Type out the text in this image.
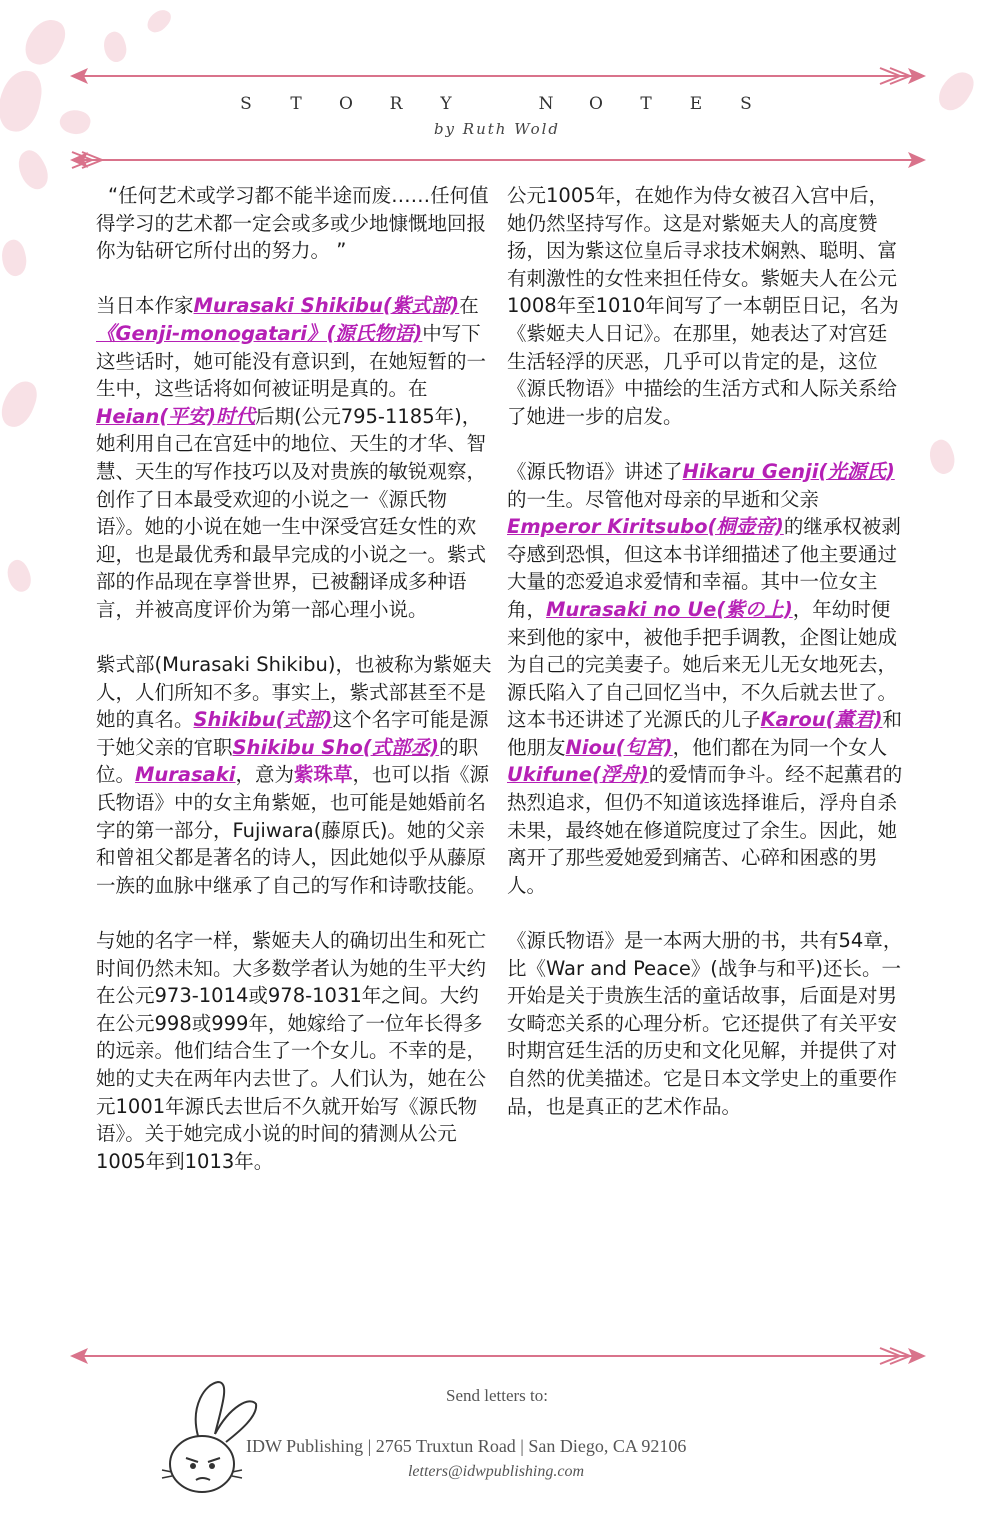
S T O R Y	N O T E S
by Ruth Wold

“任何艺术或学习都不能半途而废……任何值得学习的艺术都一定会或多或少地慷慨地回报你为钻研它所付出的努力。 ”

当日本作家Murasaki Shikibu(紫式部)在《Genji-monogatari》(源氏物语)中写下这些话时，她可能没有意识到，在她短暂的一生中，这些话将如何被证明是真的。在Heian(平安)时代后期(公元795-1185年)，她利用自己在宫廷中的地位、天生的才华、智慧、天生的写作技巧以及对贵族的敏锐观察，创作了日本最受欢迎的小说之一《源氏物语》。她的小说在她一生中深受宫廷女性的欢迎，也是最优秀和最早完成的小说之一。紫式部的作品现在享誉世界，已被翻译成多种语言，并被高度评价为第一部心理小说。

紫式部(Murasaki Shikibu)，也被称为紫姬夫人，人们所知不多。事实上，紫式部甚至不是她的真名。Shikibu(式部)这个名字可能是源于她父亲的官职Shikibu Sho(式部丞)的职位。Murasaki，意为紫珠草，也可以指《源氏物语》中的女主角紫姬，也可能是她婚前名字的第一部分，Fujiwara(藤原氏)。她的父亲和曾祖父都是著名的诗人，因此她似乎从藤原一族的血脉中继承了自己的写作和诗歌技能。

与她的名字一样，紫姬夫人的确切出生和死亡时间仍然未知。大多数学者认为她的生平大约在公元973-1014或978-1031年之间。大约在公元998或999年，她嫁给了一位年长得多的远亲。他们结合生了一个女儿。不幸的是，她的丈夫在两年内去世了。人们认为，她在公元1001年源氏去世后不久就开始写《源氏物语》。关于她完成小说的时间的猜测从公元1005年到1013年。

公元1005年，在她作为侍女被召入宫中后，她仍然坚持写作。这是对紫姬夫人的高度赞扬，因为紫这位皇后寻求技术娴熟、聪明、富有刺激性的女性来担任侍女。紫姬夫人在公元1008年至1010年间写了一本朝臣日记，名为《紫姬夫人日记》。在那里，她表达了对宫廷生活轻浮的厌恶，几乎可以肯定的是，这位《源氏物语》中描绘的生活方式和人际关系给了她进一步的启发。

《源氏物语》讲述了Hikaru Genji(光源氏)的一生。尽管他对母亲的早逝和父亲Emperor Kiritsubo(桐壶帝)的继承权被剥夺感到恐惧，但这本书详细描述了他主要通过大量的恋爱追求爱情和幸福。其中一位女主角，Murasaki no Ue(紫の上)，年幼时便来到他的家中，被他手把手调教，企图让她成为自己的完美妻子。她后来无儿无女地死去，源氏陷入了自己回忆当中，不久后就去世了。这本书还讲述了光源氏的儿子Karou(薫君)和他朋友Niou(匂宮)，他们都在为同一个女人Ukifune(浮舟)的爱情而争斗。经不起薫君的热烈追求，但仍不知道该选择谁后，浮舟自杀未果，最终她在修道院度过了余生。因此，她离开了那些爱她爱到痛苦、心碎和困惑的男人。

《源氏物语》是一本两大册的书，共有54章，比《War and Peace》(战争与和平)还长。一开始是关于贵族生活的童话故事，后面是对男女畸恋关系的心理分析。它还提供了有关平安时期宫廷生活的历史和文化见解，并提供了对自然的优美描述。它是日本文学史上的重要作品，也是真正的艺术作品。

Send letters to:
IDW Publishing | 2765 Truxtun Road | San Diego, CA 92106
letters@idwpublishing.com
